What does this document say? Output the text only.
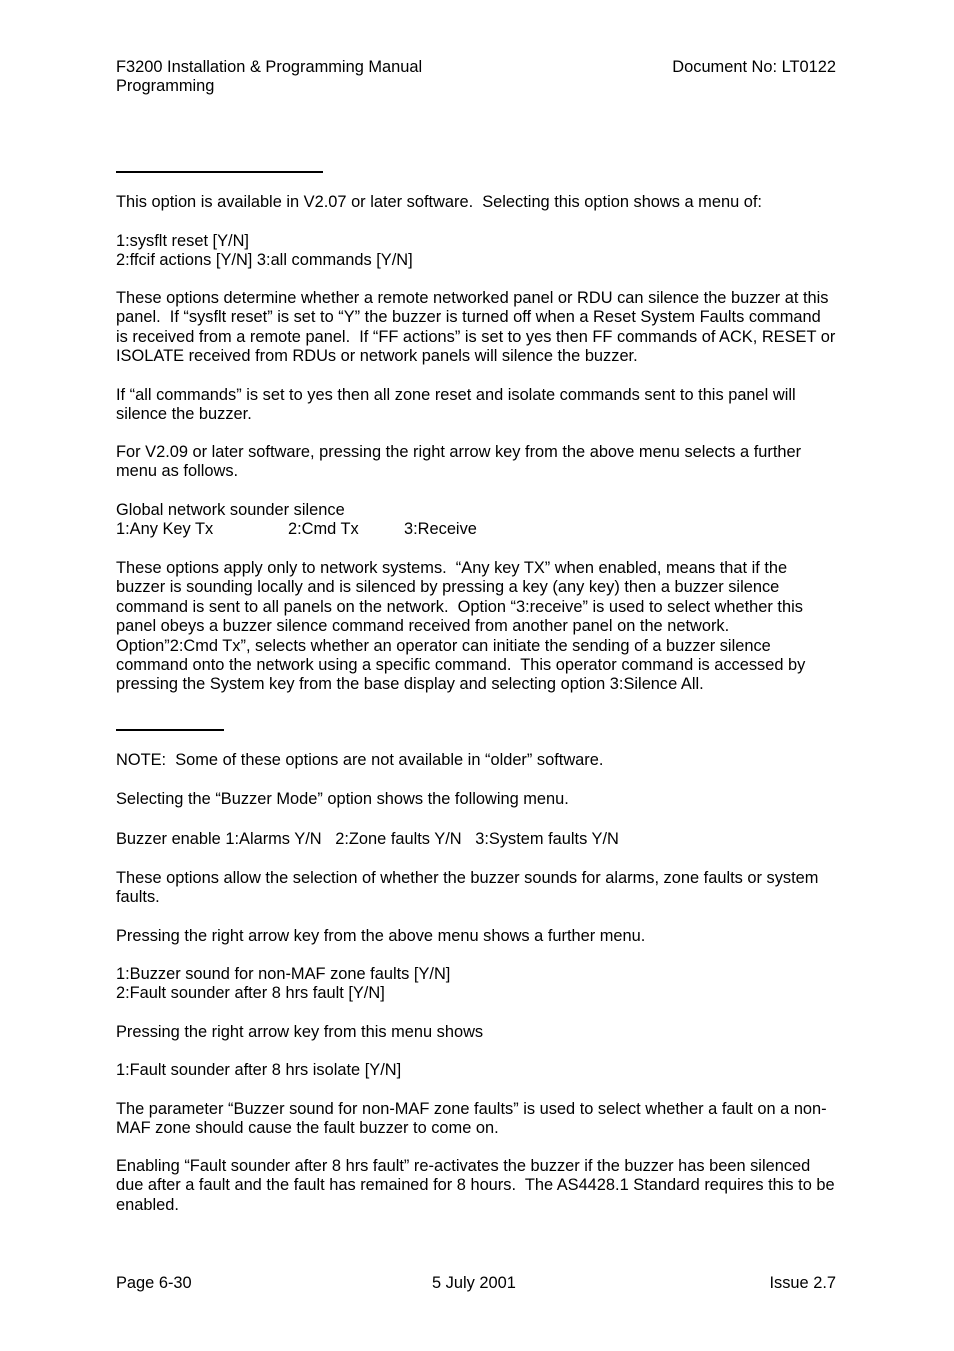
F3200 Installation & Programming Manual
Programming
Document No: LT0122

This option is available in V2.07 or later software.  Selecting this option shows a menu of:

1:sysflt reset [Y/N]

2:ffcif actions [Y/N] 3:all commands [Y/N]

These options determine whether a remote networked panel or RDU can silence the buzzer at this panel.  If “sysflt reset” is set to “Y” the buzzer is turned off when a Reset System Faults command is received from a remote panel.  If “FF actions” is set to yes then FF commands of ACK, RESET or ISOLATE received from RDUs or network panels will silence the buzzer.

If “all commands” is set to yes then all zone reset and isolate commands sent to this panel will silence the buzzer.

For V2.09 or later software, pressing the right arrow key from the above menu selects a further menu as follows.

Global network sounder silence

1:Any Key Tx	2:Cmd Tx	3:Receive

These options apply only to network systems.  “Any key TX” when enabled, means that if the buzzer is sounding locally and is silenced by pressing a key (any key) then a buzzer silence command is sent to all panels on the network.  Option “3:receive” is used to select whether this panel obeys a buzzer silence command received from another panel on the network.  Option”2:Cmd Tx”, selects whether an operator can initiate the sending of a buzzer silence command onto the network using a specific command.  This operator command is accessed by pressing the System key from the base display and selecting option 3:Silence All.

NOTE:  Some of these options are not available in “older” software.

Selecting the “Buzzer Mode” option shows the following menu.

Buzzer enable 1:Alarms Y/N   2:Zone faults Y/N   3:System faults Y/N

These options allow the selection of whether the buzzer sounds for alarms, zone faults or system faults.

Pressing the right arrow key from the above menu shows a further menu.

1:Buzzer sound for non-MAF zone faults [Y/N]

2:Fault sounder after 8 hrs fault [Y/N]

Pressing the right arrow key from this menu shows

1:Fault sounder after 8 hrs isolate [Y/N]

The parameter “Buzzer sound for non-MAF zone faults” is used to select whether a fault on a non-MAF zone should cause the fault buzzer to come on.

Enabling “Fault sounder after 8 hrs fault” re-activates the buzzer if the buzzer has been silenced due after a fault and the fault has remained for 8 hours.  The AS4428.1 Standard requires this to be enabled.

Page 6-30	5 July 2001	Issue 2.7
